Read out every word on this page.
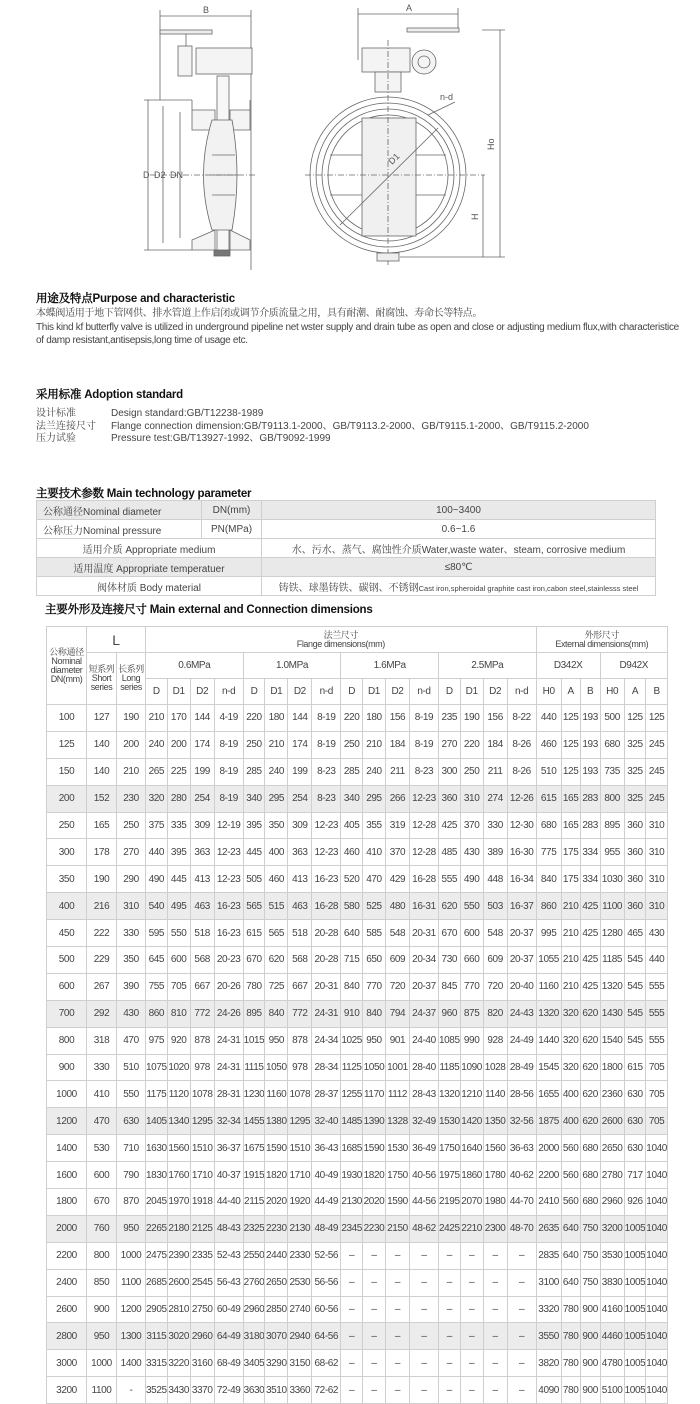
B
D D2 DN
A
D1
n-d
Ho
H
用途及特点Purpose and characteristic
本蝶阀适用于地下管网供、排水管道上作启闭或调节介质流量之用，具有耐潮、耐腐蚀、寿命长等特点。
This kind kf butterfly valve is utilized in underground pipeline net wster supply and drain tube as open and close or adjusting medium flux,with characteristice of damp resistant,antisepsis,long time of usage etc.
采用标准 Adoption standard
设计标准	Design standard:GB/T12238-1989
法兰连接尺寸	Flange connection dimension:GB/T9113.1-2000、GB/T9113.2-2000、GB/T9115.1-2000、GB/T9115.2-2000
压力试验	Pressure test:GB/T13927-1992、GB/T9092-1999
主要技术参数 Main technology parameter
公称通径Nominal diameter	DN(mm)	100~3400
公称压力Nominal pressure	PN(MPa)	0.6~1.6
适用介质 Appropriate medium		水、污水、蒸气、腐蚀性介质Water,waste water、steam, corrosive medium
适用温度 Appropriate temperatuer		≤80℃
阀体材质 Body material		铸铁、球墨铸铁、碳钢、不锈钢Cast iron,spheroidal graphite cast iron,cabon steel,stainlesss steel
主要外形及连接尺寸 Main external and Connection dimensions
公称通径
Nominal diameter DN(mm)
	L	法兰尺寸
Flange dimensions(mm)

外形尺寸
External dimensions(mm)

短系列
Short series

长系列
Long series
	0.6MPa	1.0MPa	1.6MPa	2.5MPa	D342X	D942X
			D	D1	D2	n-d	D	D1	D2	n-d	D	D1	D2	n-d	D	D1	D2	n-d	H0	A	B	H0	A	B
100	127	190	210	170	144	4-19	220	180	144	8-19	220	180	156	8-19	235	190	156	8-22	440	125	193	500	125	125
125	140	200	240	200	174	8-19	250	210	174	8-19	250	210	184	8-19	270	220	184	8-26	460	125	193	680	325	245
150	140	210	265	225	199	8-19	285	240	199	8-23	285	240	211	8-23	300	250	211	8-26	510	125	193	735	325	245
200	152	230	320	280	254	8-19	340	295	254	8-23	340	295	266	12-23	360	310	274	12-26	615	165	283	800	325	245
250	165	250	375	335	309	12-19	395	350	309	12-23	405	355	319	12-28	425	370	330	12-30	680	165	283	895	360	310
300	178	270	440	395	363	12-23	445	400	363	12-23	460	410	370	12-28	485	430	389	16-30	775	175	334	955	360	310
350	190	290	490	445	413	12-23	505	460	413	16-23	520	470	429	16-28	555	490	448	16-34	840	175	334	1030	360	310
400	216	310	540	495	463	16-23	565	515	463	16-28	580	525	480	16-31	620	550	503	16-37	860	210	425	1100	360	310
450	222	330	595	550	518	16-23	615	565	518	20-28	640	585	548	20-31	670	600	548	20-37	995	210	425	1280	465	430
500	229	350	645	600	568	20-23	670	620	568	20-28	715	650	609	20-34	730	660	609	20-37	1055	210	425	1185	545	440
600	267	390	755	705	667	20-26	780	725	667	20-31	840	770	720	20-37	845	770	720	20-40	1160	210	425	1320	545	555
700	292	430	860	810	772	24-26	895	840	772	24-31	910	840	794	24-37	960	875	820	24-43	1320	320	620	1430	545	555
800	318	470	975	920	878	24-31	1015	950	878	24-34	1025	950	901	24-40	1085	990	928	24-49	1440	320	620	1540	545	555
900	330	510	1075	1020	978	24-31	1115	1050	978	28-34	1125	1050	1001	28-40	1185	1090	1028	28-49	1545	320	620	1800	615	705
1000	410	550	1175	1120	1078	28-31	1230	1160	1078	28-37	1255	1170	1112	28-43	1320	1210	1140	28-56	1655	400	620	2360	630	705
1200	470	630	1405	1340	1295	32-34	1455	1380	1295	32-40	1485	1390	1328	32-49	1530	1420	1350	32-56	1875	400	620	2600	630	705
1400	530	710	1630	1560	1510	36-37	1675	1590	1510	36-43	1685	1590	1530	36-49	1750	1640	1560	36-63	2000	560	680	2650	630	1040
1600	600	790	1830	1760	1710	40-37	1915	1820	1710	40-49	1930	1820	1750	40-56	1975	1860	1780	40-62	2200	560	680	2780	717	1040
1800	670	870	2045	1970	1918	44-40	2115	2020	1920	44-49	2130	2020	1590	44-56	2195	2070	1980	44-70	2410	560	680	2960	926	1040
2000	760	950	2265	2180	2125	48-43	2325	2230	2130	48-49	2345	2230	2150	48-62	2425	2210	2300	48-70	2635	640	750	3200	1005	1040
2200	800	1000	2475	2390	2335	52-43	2550	2440	2330	52-56	–	–	–	–	–	–	–	–	2835	640	750	3530	1005	1040
2400	850	1100	2685	2600	2545	56-43	2760	2650	2530	56-56	–	–	–	–	–	–	–	–	3100	640	750	3830	1005	1040
2600	900	1200	2905	2810	2750	60-49	2960	2850	2740	60-56	–	–	–	–	–	–	–	–	3320	780	900	4160	1005	1040
2800	950	1300	3115	3020	2960	64-49	3180	3070	2940	64-56	–	–	–	–	–	–	–	–	3550	780	900	4460	1005	1040
3000	1000	1400	3315	3220	3160	68-49	3405	3290	3150	68-62	–	–	–	–	–	–	–	–	3820	780	900	4780	1005	1040
3200	1100	-	3525	3430	3370	72-49	3630	3510	3360	72-62	–	–	–	–	–	–	–	–	4090	780	900	5100	1005	1040
